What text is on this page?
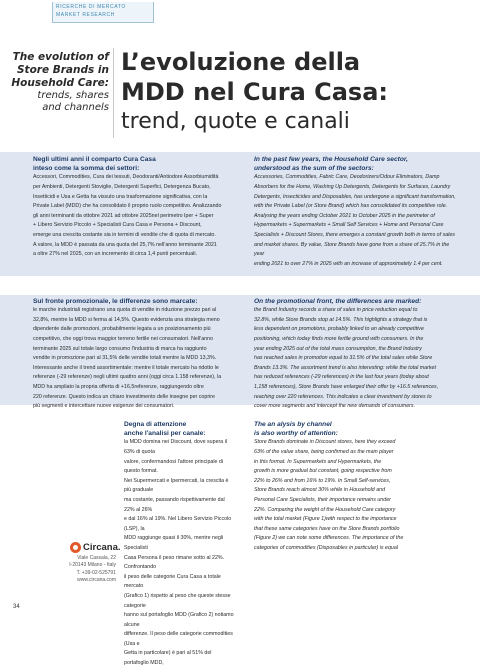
RICERCHE DI MERCATO
MARKET RESEARCH
The evolution of
Store Brands in
Household Care:
trends, shares
and channels
L’evoluzione della
MDD nel Cura Casa:
trend, quote e canali
Negli ultimi anni il comparto Cura Casa
inteso come la somma dei settori:
Accessori, Commodities, Cura dei tessuti, Deodoranti/Antiodore Assorbiumidità
per Ambienti, Detergenti Stoviglie, Detergenti Superfici, Detergenza Bucato,
Insetticidi e Usa e Getta ha vissuto una trasformazione significativa, con la
Private Label (MDD) che ha consolidato il proprio ruolo competitivo. Analizzando
gli anni terminanti da ottobre 2021 ad ottobre 2025nel perimetro Iper + Super
+ Libero Servizio Piccolo + Specialisti Cura Casa e Persona + Discount,
emerge una crescita costante sia in termini di vendite che di quota di mercato.
A valore, la MDD è passata da una quota del 25,7% nell'anno terminante 2021
a oltre 27% nel 2025, con un incremento di circa 1,4 punti percentuali.
In the past few years, the Household Care sector,
understood as the sum of the sectors:
Accessories, Commodities, Fabric Care, Deodorizers/Odour Eliminators, Damp
Absorbers for the Home, Washing Up Detergents, Detergents for Surfaces, Laundry
Detergents, Insecticides and Disposables, has undergone a significant transformation,
with the Private Label (or Store Brand) which has consolidated its competitive role.
Analysing the years ending October 2021 to October 2025 in the perimeter of
Hypermarkets + Supermarkets + Small Self Services + Home and Personal Care
Specialists + Discount Stores, there emerges a constant growth both in terms of sales
and market shares. By value, Store Brands have gone from a share of 25.7% in the year
ending 2021 to over 27% in 2025 with an increase of approximately 1.4 per cent.
Sul fronte promozionale, le differenze sono marcate:
le marche industriali registrano una quota di vendite in riduzione prezzo pari al
32,8%, mentre la MDD si ferma al 14,5%. Questo evidenzia una strategia meno
dipendente dalle promozioni, probabilmente legata a un posizionamento più
competitivo, che oggi trova maggior terreno fertile nei consumatori. Nell'anno
terminante 2025 sul totale largo consumo l'industria di marca ha raggiunto
vendite in promozione pari al 31,5% delle vendite totali mentre la MDD 13,3%.
Interessante anche il trend assortimentale: mentre il totale mercato ha ridotto le
referenze (-29 referenze) negli ultimi quattro anni (oggi circa 1.158 referenze), la
MDD ha ampliato la propria offerta di +16,5referenze, raggiungendo oltre
220 referenze. Questo indica un chiaro investimento delle insegne per coprire
più segmenti e intercettare nuove esigenze dei consumatori.
On the promotional front, the differences are marked:
the Brand Industry records a share of sales in price reduction equal to
32.8%, while Store Brands stop at 14.5%. This highlights a strategy that is
less dependent on promotions, probably linked to an already competitive
positioning, which today finds more fertile ground with consumers. In the
year ending 2025 out of the total mass consumption, the Brand Industry
has reached sales in promotion equal to 31.5% of the total sales while Store
Brands 13.3%. The assortment trend is also interesting: while the total market
has reduced references (-29 references) in the last four years (today about
1,158 references), Store Brands have enlarged their offer by +16.5 references,
reaching over 220 references. This indicates a clear investment by stores to
cover more segments and intercept the new demands of consumers.
Degna di attenzione
anche l'analisi per canale:
la MDD domina nei Discount, dove supera il 63% di quota
valore, confermandosi l'attore principale di questo format.
Nei Supermercati e Ipermercati, la crescita è più graduale
ma costante, passando rispettivamente dal 22% al 26%
e dal 16% al 19%. Nel Libero Servizio Piccolo (LSP), la
MDD raggiunge quasi il 30%, mentre negli Specialisti
Casa Persona il peso rimane sotto al 22%. Confrontando
il peso delle categorie Cura Casa a totale mercato
(Grafico 1) rispetto al peso che queste stesse categorie
hanno sul portafoglio MDD (Grafico 2) notiamo alcune
differenze. Il peso delle categorie commodities (Usa e
Getta in particolare) è pari al 51% del portafoglio MDD,
The an alysis by channel
is also worthy of attention:
Store Brands dominate in Discount stores, here they exceed
63% of the value share, being confirmed as the main player
in this format. In Supermarkets and Hypermarkets, the
growth is more gradual but constant, going respective from
22% to 26% and from 16% to 19%. In Small Self-services,
Store Brands reach almost 30% while in Household and
Personal Care Specialists, their importance remains under
22%. Comparing the weight of the Household Care category
with the total market (Figure 1)with respect to the importance
that these same categories have on the Store Brands portfolio
(Figure 2) we can note some differences. The importance of the
categories of commodities (Disposables in particular) is equal
Circana.
Viale Cassala, 22
I-20143 Milano - Italy
T. +39-02-525791
www.circana.com
34
